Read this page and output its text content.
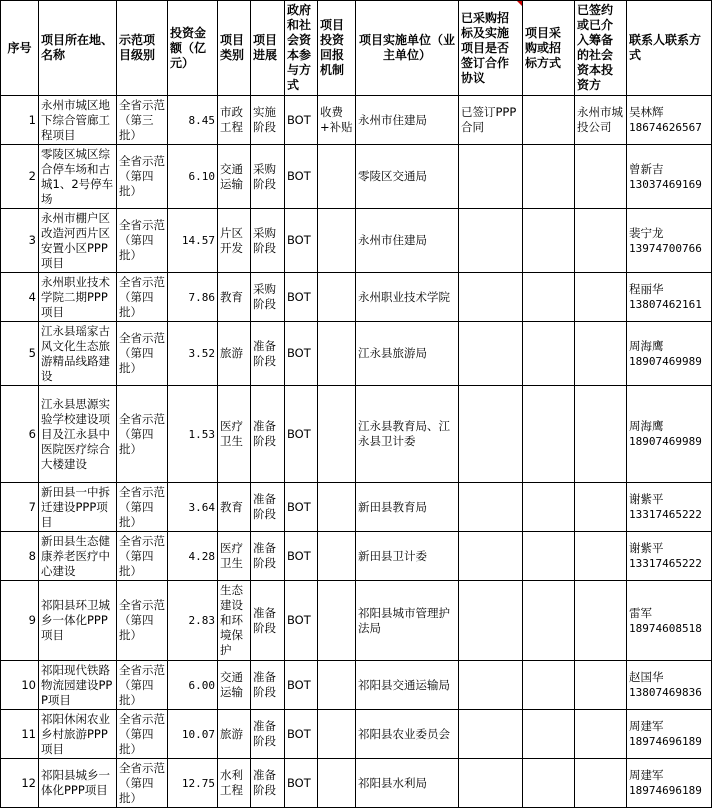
序号	项目所在地、名称	示范项目级别	投资金额（亿元）	项目类别	项目进展	政府和社会资本参与方式	项目投资回报机制	项目实施单位（业主单位）	已采购招标及实施项目是否签订合作协议	项目采购或招标方式	已签约或已介入筹备的社会资本投资方	联系人联系方式
1	永州市城区地下综合管廊工程项目	全省示范（第三批）	8.45	市政工程	实施阶段	BOT	收费+补贴	永州市住建局	已签订PPP合同		永州市城投公司	吴林辉
18674626567

2	零陵区城区综合停车场和古城1、2号停车场	全省示范（第四批）	6.10	交通运输	采购阶段	BOT		零陵区交通局				曾新吉
13037469169

3	永州市棚户区改造河西片区安置小区PPP项目	全省示范（第四批）	14.57	片区开发	采购阶段	BOT		永州市住建局				裴宁龙
13974700766

4	永州职业技术学院二期PPP项目	全省示范（第四批）	7.86	教育	采购阶段	BOT		永州职业技术学院				程丽华
13807462161

5	江永县瑶家古风文化生态旅游精品线路建设	全省示范（第四批）	3.52	旅游	准备阶段	BOT		江永县旅游局				周海鹰
18907469989

6	江永县思源实验学校建设项目及江永县中医院医疗综合大楼建设	全省示范（第四批）	1.53	医疗卫生	准备阶段	BOT		江永县教育局、江永县卫计委				周海鹰
18907469989

7	新田县一中拆迁建设PPP项目	全省示范（第四批）	3.64	教育	准备阶段	BOT		新田县教育局				谢紫平
13317465222

8	新田县生态健康养老医疗中心建设	全省示范（第四批）	4.28	医疗卫生	准备阶段	BOT		新田县卫计委				谢紫平
13317465222

9	祁阳县环卫城乡一体化PPP项目	全省示范（第四批）	2.83	生态建设和环境保护	准备阶段	BOT		祁阳县城市管理护法局				雷军
18974608518

10	祁阳现代铁路物流园建设PPP项目	全省示范（第四批）	6.00	交通运输	准备阶段	BOT		祁阳县交通运输局				赵国华
13807469836

11	祁阳休闲农业乡村旅游PPP项目	全省示范（第四批）	10.07	旅游	准备阶段	BOT		祁阳县农业委员会				周建军
18974696189

12	祁阳县城乡一体化PPP项目	全省示范（第四批）	12.75	水利工程	准备阶段	BOT		祁阳县水利局				周建军
18974696189
